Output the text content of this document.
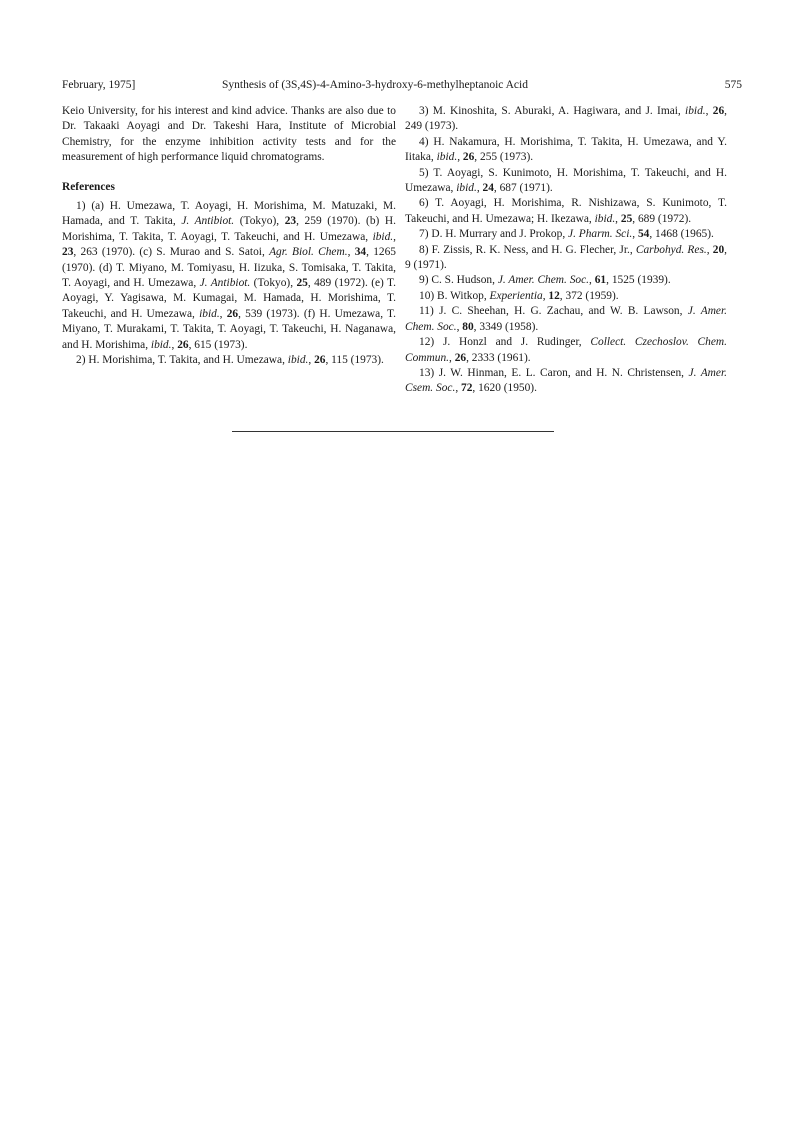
February, 1975]	Synthesis of (3S,4S)-4-Amino-3-hydroxy-6-methylheptanoic Acid	575

Keio University, for his interest and kind advice. Thanks are also due to Dr. Takaaki Aoyagi and Dr. Takeshi Hara, Institute of Microbial Chemistry, for the enzyme inhibition activity tests and for the measurement of high performance liquid chromatograms.

References

1) (a) H. Umezawa, T. Aoyagi, H. Morishima, M. Matuzaki, M. Hamada, and T. Takita, J. Antibiot. (Tokyo), 23, 259 (1970). (b) H. Morishima, T. Takita, T. Aoyagi, T. Takeuchi, and H. Umezawa, ibid., 23, 263 (1970). (c) S. Murao and S. Satoi, Agr. Biol. Chem., 34, 1265 (1970). (d) T. Miyano, M. Tomiyasu, H. Iizuka, S. Tomisaka, T. Takita, T. Aoyagi, and H. Umezawa, J. Antibiot. (Tokyo), 25, 489 (1972). (e) T. Aoyagi, Y. Yagisawa, M. Kumagai, M. Hamada, H. Morishima, T. Takeuchi, and H. Umezawa, ibid., 26, 539 (1973). (f) H. Umezawa, T. Miyano, T. Murakami, T. Takita, T. Aoyagi, T. Takeuchi, H. Naganawa, and H. Morishima, ibid., 26, 615 (1973).

2) H. Morishima, T. Takita, and H. Umezawa, ibid., 26, 115 (1973).

3) M. Kinoshita, S. Aburaki, A. Hagiwara, and J. Imai, ibid., 26, 249 (1973).

4) H. Nakamura, H. Morishima, T. Takita, H. Umezawa, and Y. Iitaka, ibid., 26, 255 (1973).

5) T. Aoyagi, S. Kunimoto, H. Morishima, T. Takeuchi, and H. Umezawa, ibid., 24, 687 (1971).

6) T. Aoyagi, H. Morishima, R. Nishizawa, S. Kunimoto, T. Takeuchi, and H. Umezawa; H. Ikezawa, ibid., 25, 689 (1972).

7) D. H. Murrary and J. Prokop, J. Pharm. Sci., 54, 1468 (1965).

8) F. Zissis, R. K. Ness, and H. G. Flecher, Jr., Carbohyd. Res., 20, 9 (1971).

9) C. S. Hudson, J. Amer. Chem. Soc., 61, 1525 (1939).

10) B. Witkop, Experientia, 12, 372 (1959).

11) J. C. Sheehan, H. G. Zachau, and W. B. Lawson, J. Amer. Chem. Soc., 80, 3349 (1958).

12) J. Honzl and J. Rudinger, Collect. Czechoslov. Chem. Commun., 26, 2333 (1961).

13) J. W. Hinman, E. L. Caron, and H. N. Christensen, J. Amer. Csem. Soc., 72, 1620 (1950).
